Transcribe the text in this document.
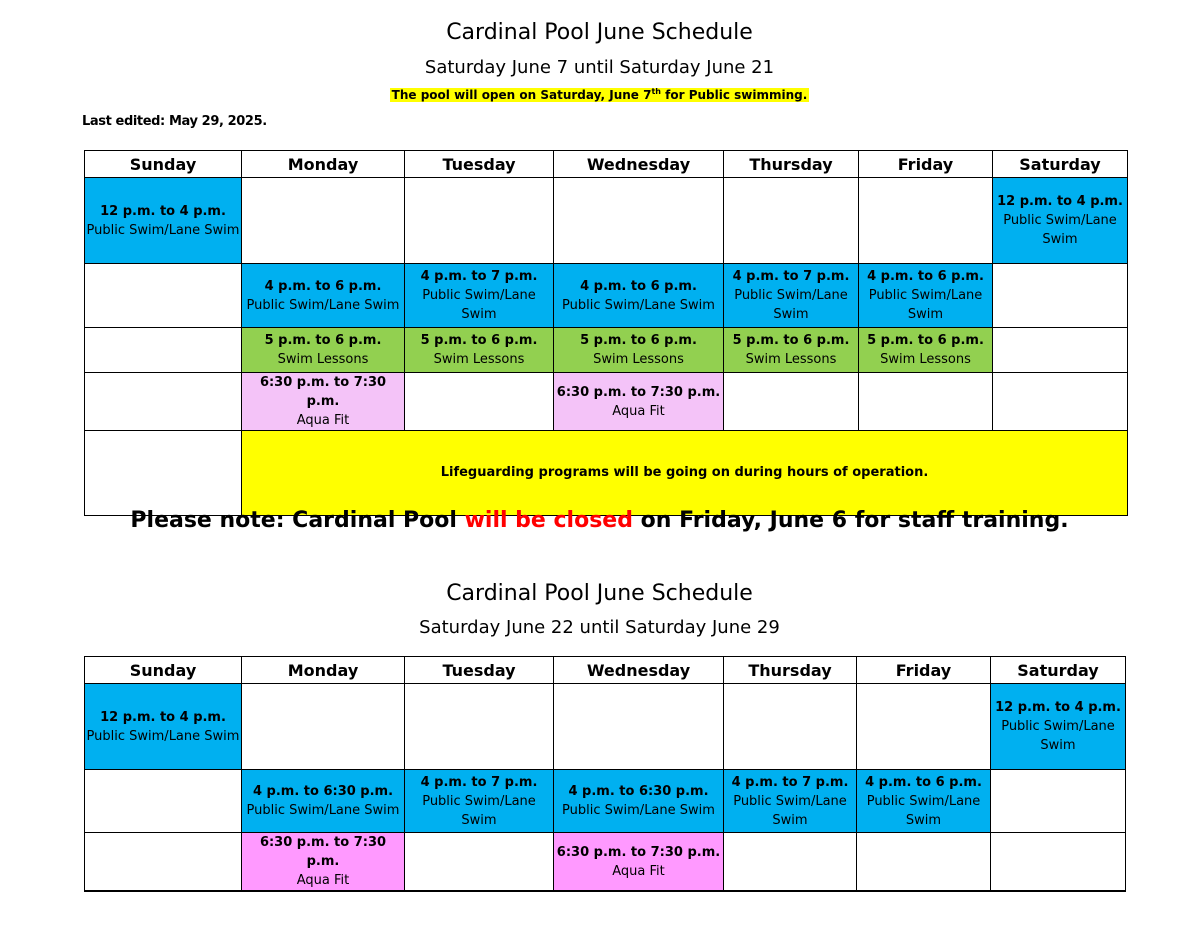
Cardinal Pool June Schedule
Saturday June 7 until Saturday June 21
The pool will open on Saturday, June 7th for Public swimming.
Last edited: May 29, 2025.
Sunday	Monday	Tuesday	Wednesday	Thursday	Friday	Saturday

12 p.m. to 4 p.m.
Public Swim/Lane Swim						12 p.m. to 4 p.m.
Public Swim/Lane Swim

	4 p.m. to 6 p.m.
Public Swim/Lane Swim	4 p.m. to 7 p.m.
Public Swim/Lane Swim	4 p.m. to 6 p.m.
Public Swim/Lane Swim	4 p.m. to 7 p.m.
Public Swim/Lane Swim	4 p.m. to 6 p.m.
Public Swim/Lane Swim	

	5 p.m. to 6 p.m.
Swim Lessons	5 p.m. to 6 p.m.
Swim Lessons	5 p.m. to 6 p.m.
Swim Lessons	5 p.m. to 6 p.m.
Swim Lessons	5 p.m. to 6 p.m.
Swim Lessons	

	6:30 p.m. to 7:30 p.m.
Aqua Fit		6:30 p.m. to 7:30 p.m.
Aqua Fit			

	Lifeguarding programs will be going on during hours of operation.					
Please note: Cardinal Pool will be closed on Friday, June 6 for staff training.
Cardinal Pool June Schedule
Saturday June 22 until Saturday June 29
Sunday	Monday	Tuesday	Wednesday	Thursday	Friday	Saturday

12 p.m. to 4 p.m.
Public Swim/Lane Swim						12 p.m. to 4 p.m.
Public Swim/Lane Swim

	4 p.m. to 6:30 p.m.
Public Swim/Lane Swim	4 p.m. to 7 p.m.
Public Swim/Lane Swim	4 p.m. to 6:30 p.m.
Public Swim/Lane Swim	4 p.m. to 7 p.m.
Public Swim/Lane Swim	4 p.m. to 6 p.m.
Public Swim/Lane Swim	

	6:30 p.m. to 7:30 p.m.
Aqua Fit		6:30 p.m. to 7:30 p.m.
Aqua Fit			
